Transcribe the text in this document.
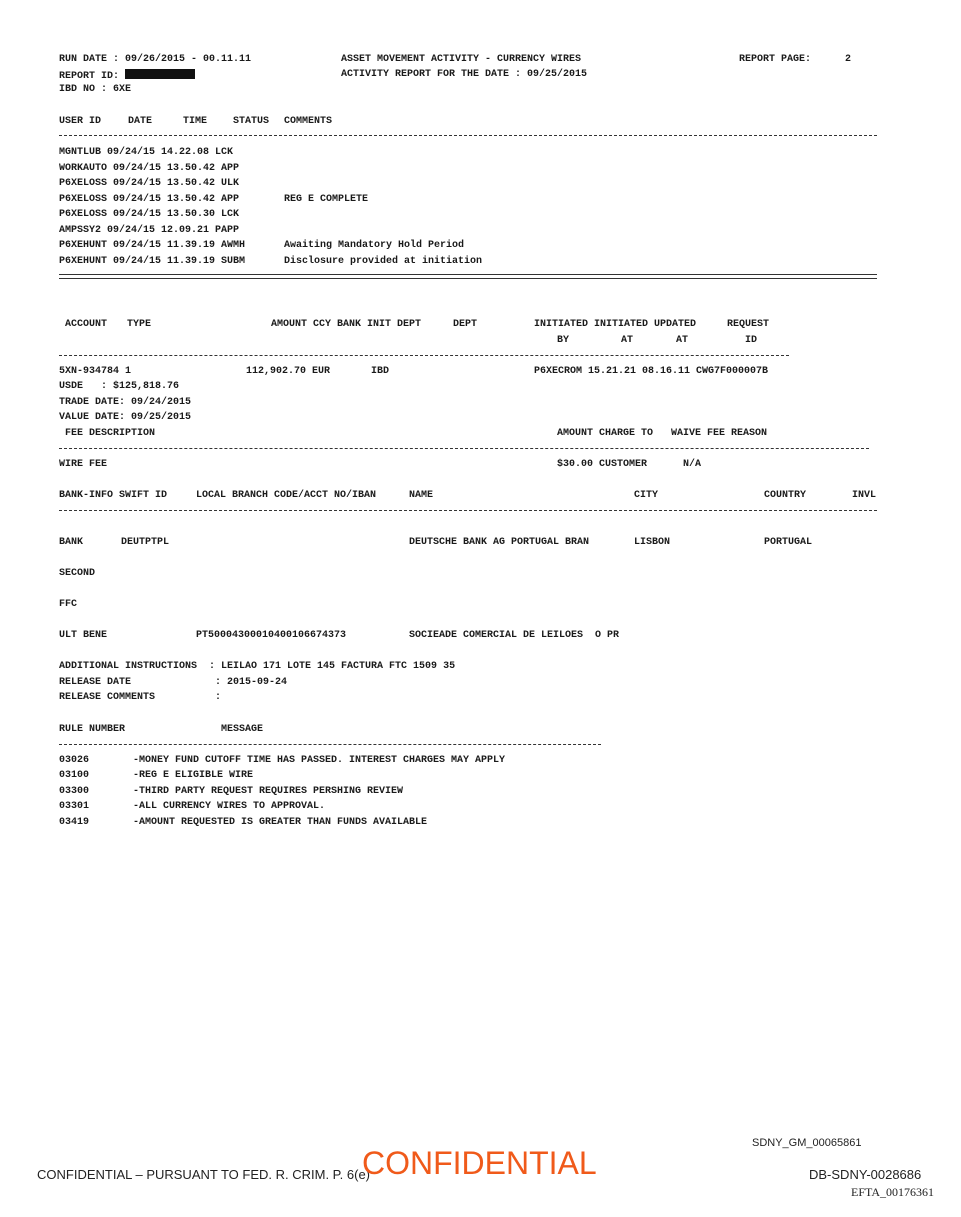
RUN DATE : 09/26/2015 - 00.11.11	ASSET MOVEMENT ACTIVITY - CURRENCY WIRES	REPORT PAGE:	2
REPORT ID:	ACTIVITY REPORT FOR THE DATE : 09/25/2015
IBD NO : 6XE
USER ID	DATE	TIME	STATUS COMMENTS
MGNTLUB 09/24/15 14.22.08 LCK
WORKAUTO 09/24/15 13.50.42 APP
P6XELOSS 09/24/15 13.50.42 ULK
P6XELOSS 09/24/15 13.50.42 APP	REG E COMPLETE
P6XELOSS 09/24/15 13.50.30 LCK
AMPSSY2 09/24/15 12.09.21 PAPP
P6XEHUNT 09/24/15 11.39.19 AWMH	Awaiting Mandatory Hold Period
P6XEHUNT 09/24/15 11.39.19 SUBM	Disclosure provided at initiation
ACCOUNT TYPE	AMOUNT CCY BANK INIT DEPT	DEPT	INITIATED INITIATED UPDATED	REQUEST
BY	AT	AT	ID
5XN-934784 1	112,902.70 EUR	IBD	P6XECROM 15.21.21 08.16.11 CWG7F000007B
USDE   : $125,818.76
TRADE DATE: 09/24/2015
VALUE DATE: 09/25/2015
FEE DESCRIPTION	AMOUNT CHARGE TO   WAIVE FEE REASON
WIRE FEE	$30.00 CUSTOMER	N/A
BANK-INFO SWIFT ID	LOCAL BRANCH CODE/ACCT NO/IBAN	NAME	CITY	COUNTRY	INVL
BANK	DEUTPTPL	DEUTSCHE BANK AG PORTUGAL BRAN	LISBON	PORTUGAL
SECOND
FFC
ULT BENE	PT50004300010400106674373	SOCIEADE COMERCIAL DE LEILOES  O PR
ADDITIONAL INSTRUCTIONS  : LEILAO 171 LOTE 145 FACTURA FTC 1509 35
RELEASE DATE	: 2015-09-24
RELEASE COMMENTS	:
RULE NUMBER	MESSAGE
03026	-MONEY FUND CUTOFF TIME HAS PASSED. INTEREST CHARGES MAY APPLY
03100	-REG E ELIGIBLE WIRE
03300	-THIRD PARTY REQUEST REQUIRES PERSHING REVIEW
03301	-ALL CURRENCY WIRES TO APPROVAL.
03419	-AMOUNT REQUESTED IS GREATER THAN FUNDS AVAILABLE
SDNY_GM_00065861
CONFIDENTIAL – PURSUANT TO FED. R. CRIM. P. 6(e)
CONFIDENTIAL	DB-SDNY-0028686
EFTA_00176361
